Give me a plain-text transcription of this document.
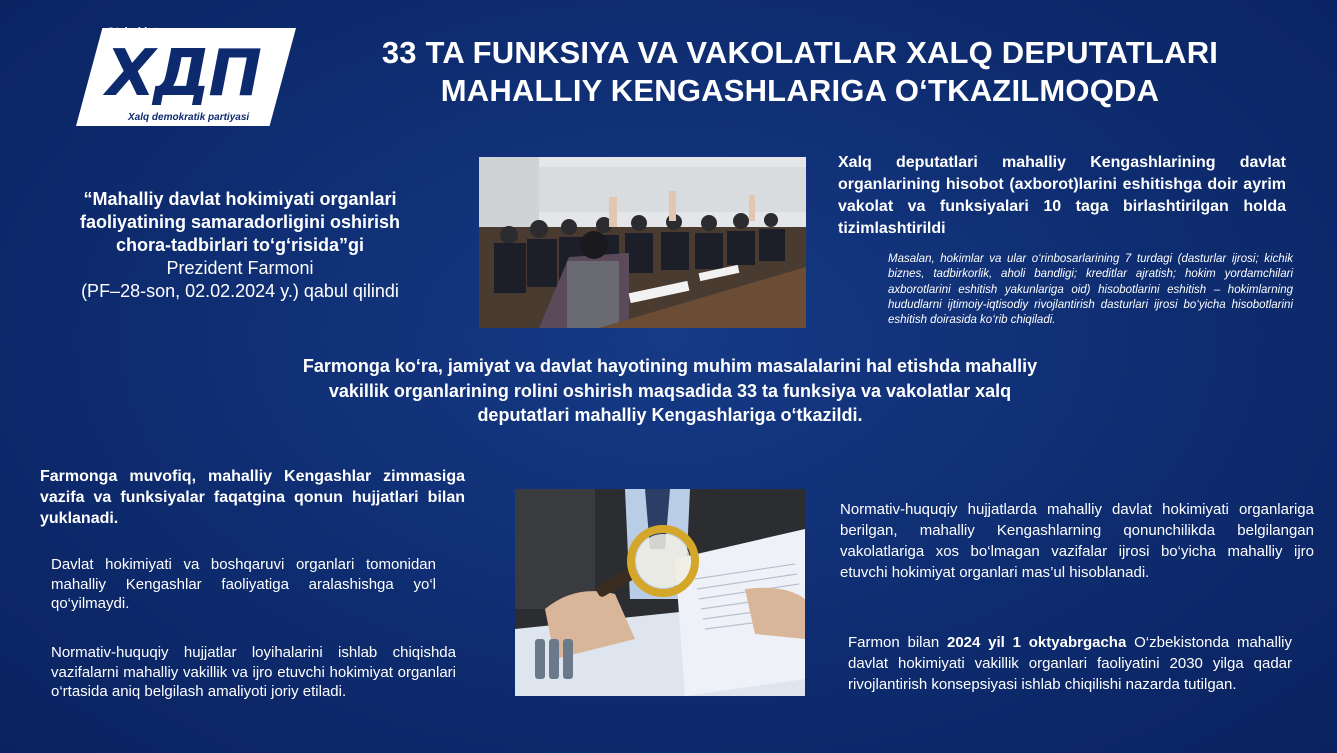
O‘zbekiston
ХДП
Xalq demokratik partiyasi
33 TA FUNKSIYA VA VAKOLATLAR XALQ DEPUTATLARI MAHALLIY KENGASHLARIGA O‘TKAZILMOQDA
“Mahalliy davlat hokimiyati organlari
faoliyatining samaradorligini oshirish
chora-tadbirlari to‘g‘risida”gi
Prezident Farmoni
(PF–28-son, 02.02.2024 y.) qabul qilindi
Xalq deputatlari mahalliy Kengashlarining davlat organlarining hisobot (axborot)larini eshitishga doir ayrim vakolat va funksiyalari 10 taga birlashtirilgan holda tizimlashtirildi
Masalan, hokimlar va ular o‘rinbosarlarining 7 turdagi (dasturlar ijrosi; kichik biznes, tadbirkorlik, aholi bandligi; kreditlar ajratish; hokim yordamchilari axborotlarini eshitish yakunlariga oid) hisobotlarini eshitish – hokimlarning hududlarni ijtimoiy-iqtisodiy rivojlantirish dasturlari ijrosi bo‘yicha hisobotlarini eshitish doirasida ko‘rib chiqiladi.
Farmonga ko‘ra, jamiyat va davlat hayotining muhim masalalarini hal etishda mahalliy vakillik organlarining rolini oshirish maqsadida 33 ta funksiya va vakolatlar xalq deputatlari mahalliy Kengashlariga o‘tkazildi.
Farmonga muvofiq, mahalliy Kengashlar zimmasiga vazifa va funksiyalar faqatgina qonun hujjatlari bilan yuklanadi.
Davlat hokimiyati va boshqaruvi organlari tomonidan mahalliy Kengashlar faoliyatiga aralashishga yo‘l qo‘yilmaydi.
Normativ-huquqiy hujjatlar loyihalarini ishlab chiqishda vazifalarni mahalliy vakillik va ijro etuvchi hokimiyat organlari o‘rtasida aniq belgilash amaliyoti joriy etiladi.
Normativ-huquqiy hujjatlarda mahalliy davlat hokimiyati organlariga berilgan, mahalliy Kengashlarning qonunchilikda belgilangan vakolatlariga xos bo‘lmagan vazifalar ijrosi bo‘yicha mahalliy ijro etuvchi hokimiyat organlari mas’ul hisoblanadi.
Farmon bilan 2024 yil 1 oktyabrgacha O‘zbekistonda mahalliy davlat hokimiyati vakillik organlari faoliyatini 2030 yilga qadar rivojlantirish konsepsiyasi ishlab chiqilishi nazarda tutilgan.
